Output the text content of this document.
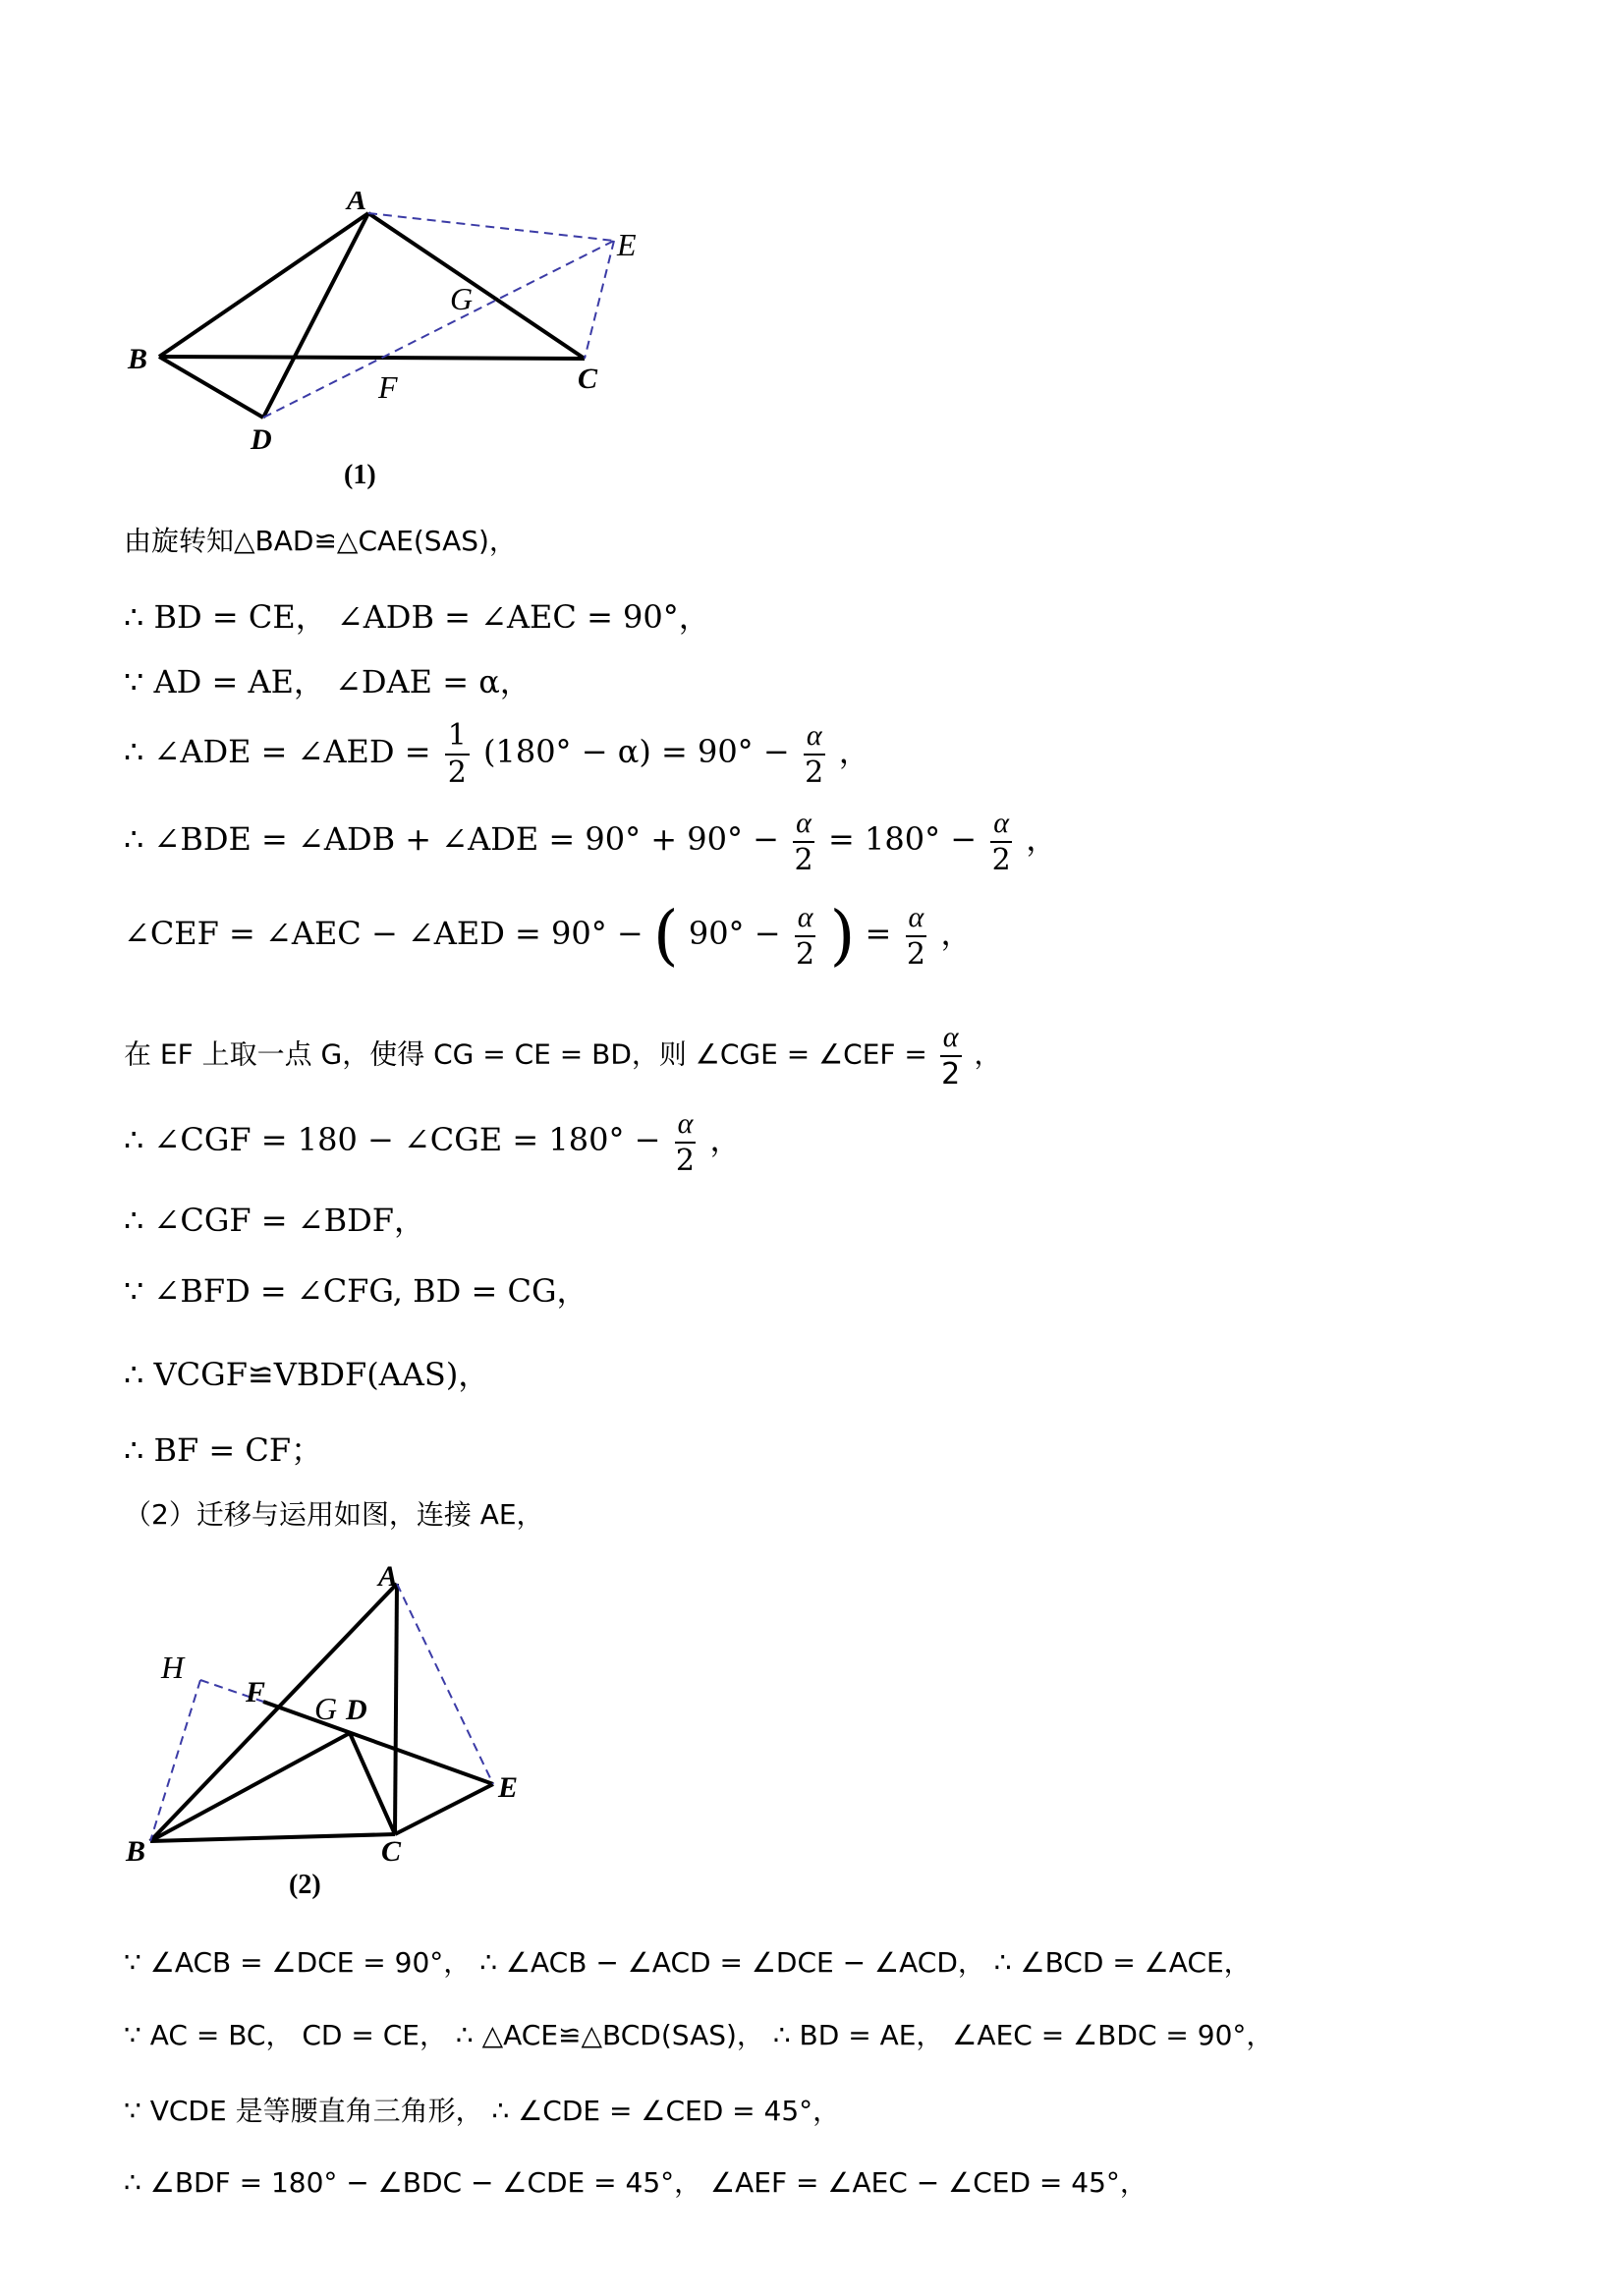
A
B
C
D
E
F
G
(1)
由旋转知△BAD≌△CAE(SAS)，
∴ BD = CE， ∠ADB = ∠AEC = 90°，
∵ AD = AE， ∠DAE = α，
∴ ∠ADE = ∠AED = $\frac{1}{2} (180^\circ - \alpha) = 90^\circ - \frac{\alpha}{2}$ ，
∴ ∠BDE = ∠ADB + ∠ADE = $90^\circ + 90^\circ - \frac{\alpha}{2} = 180^\circ - \frac{\alpha}{2}$ ，
∠CEF = ∠AEC − ∠AED = 90° − ( $90^\circ - \frac{\alpha}{2}$ ) = $\frac{\alpha}{2}$ ，
在 EF 上取一点 G，使得 CG = CE = BD，则 ∠CGE = ∠CEF = $\frac{\alpha}{2}$ ，
∴ ∠CGF = 180 − ∠CGE = $180^\circ - \frac{\alpha}{2}$ ，
∴ ∠CGF = ∠BDF，
∵ ∠BFD = ∠CFG, BD = CG，
∴ VCGF≌VBDF(AAS)，
∴ BF = CF；
（2）迁移与运用如图，连接 AE，
A
B	C
D
E
F G
H
(2)
∵ ∠ACB = ∠DCE = 90°， ∴ ∠ACB − ∠ACD = ∠DCE − ∠ACD， ∴ ∠BCD = ∠ACE，
∵ AC = BC， CD = CE， ∴ △ACE≌△BCD(SAS)， ∴ BD = AE， ∠AEC = ∠BDC = 90°，
∵ VCDE 是等腰直角三角形， ∴ ∠CDE = ∠CED = 45°，
∴ ∠BDF = 180° − ∠BDC − ∠CDE = 45°， ∠AEF = ∠AEC − ∠CED = 45°，
